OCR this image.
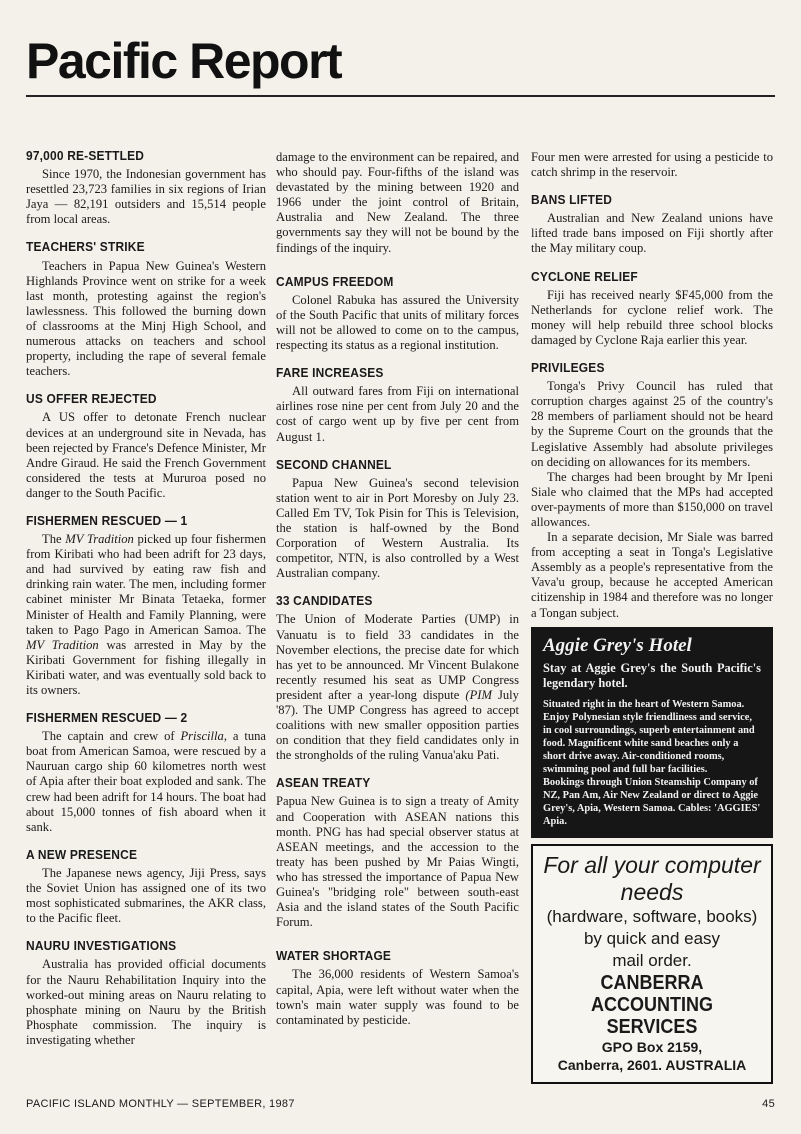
Pacific Report
97,000 RE-SETTLED

Since 1970, the Indonesian government has resettled 23,723 families in six regions of Irian Jaya — 82,191 outsiders and 15,514 people from local areas.

TEACHERS' STRIKE

Teachers in Papua New Guinea's Western Highlands Province went on strike for a week last month, protesting against the region's lawlessness. This followed the burning down of classrooms at the Minj High School, and numerous attacks on teachers and school property, including the rape of several female teachers.

US OFFER REJECTED

A US offer to detonate French nuclear devices at an underground site in Nevada, has been rejected by France's Defence Minister, Mr Andre Giraud. He said the French Government considered the tests at Mururoa posed no danger to the South Pacific.

FISHERMEN RESCUED — 1

The MV Tradition picked up four fishermen from Kiribati who had been adrift for 23 days, and had survived by eating raw fish and drinking rain water. The men, including former cabinet minister Mr Binata Tetaeka, former Minister of Health and Family Planning, were taken to Pago Pago in American Samoa. The MV Tradition was arrested in May by the Kiribati Government for fishing illegally in Kiribati water, and was eventually sold back to its owners.

FISHERMEN RESCUED — 2

The captain and crew of Priscilla, a tuna boat from American Samoa, were rescued by a Nauruan cargo ship 60 kilometres north west of Apia after their boat exploded and sank. The crew had been adrift for 14 hours. The boat had about 15,000 tonnes of fish aboard when it sank.

A NEW PRESENCE

The Japanese news agency, Jiji Press, says the Soviet Union has assigned one of its two most sophisticated submarines, the AKR class, to the Pacific fleet.

NAURU INVESTIGATIONS

Australia has provided official documents for the Nauru Rehabilitation Inquiry into the worked-out mining areas on Nauru relating to phosphate mining on Nauru by the British Phosphate commission. The inquiry is investigating whether

damage to the environment can be repaired, and who should pay. Four-fifths of the island was devastated by the mining between 1920 and 1966 under the joint control of Britain, Australia and New Zealand. The three governments say they will not be bound by the findings of the inquiry.

CAMPUS FREEDOM

Colonel Rabuka has assured the University of the South Pacific that units of military forces will not be allowed to come on to the campus, respecting its status as a regional institution.

FARE INCREASES

All outward fares from Fiji on international airlines rose nine per cent from July 20 and the cost of cargo went up by five per cent from August 1.

SECOND CHANNEL

Papua New Guinea's second television station went to air in Port Moresby on July 23. Called Em TV, Tok Pisin for This is Television, the station is half-owned by the Bond Corporation of Western Australia. Its competitor, NTN, is also controlled by a West Australian company.

33 CANDIDATES

The Union of Moderate Parties (UMP) in Vanuatu is to field 33 candidates in the November elections, the precise date for which has yet to be announced. Mr Vincent Bulakone recently resumed his seat as UMP Congress president after a year-long dispute (PIM July '87). The UMP Congress has agreed to accept coalitions with new smaller opposition parties on condition that they field candidates only in the strongholds of the ruling Vanua'aku Pati.

ASEAN TREATY

Papua New Guinea is to sign a treaty of Amity and Cooperation with ASEAN nations this month. PNG has had special observer status at ASEAN meetings, and the accession to the treaty has been pushed by Mr Paias Wingti, who has stressed the importance of Papua New Guinea's "bridging role" between south-east Asia and the island states of the South Pacific Forum.

WATER SHORTAGE

The 36,000 residents of Western Samoa's capital, Apia, were left without water when the town's main water supply was found to be contaminated by pesticide.

Four men were arrested for using a pesticide to catch shrimp in the reservoir.

BANS LIFTED

Australian and New Zealand unions have lifted trade bans imposed on Fiji shortly after the May military coup.

CYCLONE RELIEF

Fiji has received nearly $F45,000 from the Netherlands for cyclone relief work. The money will help rebuild three school blocks damaged by Cyclone Raja earlier this year.

PRIVILEGES

Tonga's Privy Council has ruled that corruption charges against 25 of the country's 28 members of parliament should not be heard by the Supreme Court on the grounds that the Legislative Assembly had absolute privileges on deciding on allowances for its members.

The charges had been brought by Mr Ipeni Siale who claimed that the MPs had accepted over-payments of more than $150,000 on travel allowances.

In a separate decision, Mr Siale was barred from accepting a seat in Tonga's Legislative Assembly as a people's representative from the Vava'u group, because he accepted American citizenship in 1984 and therefore was no longer a Tongan subject.

Aggie Grey's Hotel
Stay at Aggie Grey's the South Pacific's legendary hotel.
Situated right in the heart of Western Samoa. Enjoy Polynesian style friendliness and service, in cool surroundings, superb entertainment and food. Magnificent white sand beaches only a short drive away. Air-conditioned rooms, swimming pool and full bar facilities.
Bookings through Union Steamship Company of NZ, Pan Am, Air New Zealand or direct to Aggie Grey's, Apia, Western Samoa. Cables: 'AGGIES' Apia.
For all your computer needs
(hardware, software, books)
by quick and easy
mail order.
CANBERRA ACCOUNTING SERVICES
GPO Box 2159,
Canberra, 2601. AUSTRALIA
PACIFIC ISLAND MONTHLY — SEPTEMBER, 1987	45
